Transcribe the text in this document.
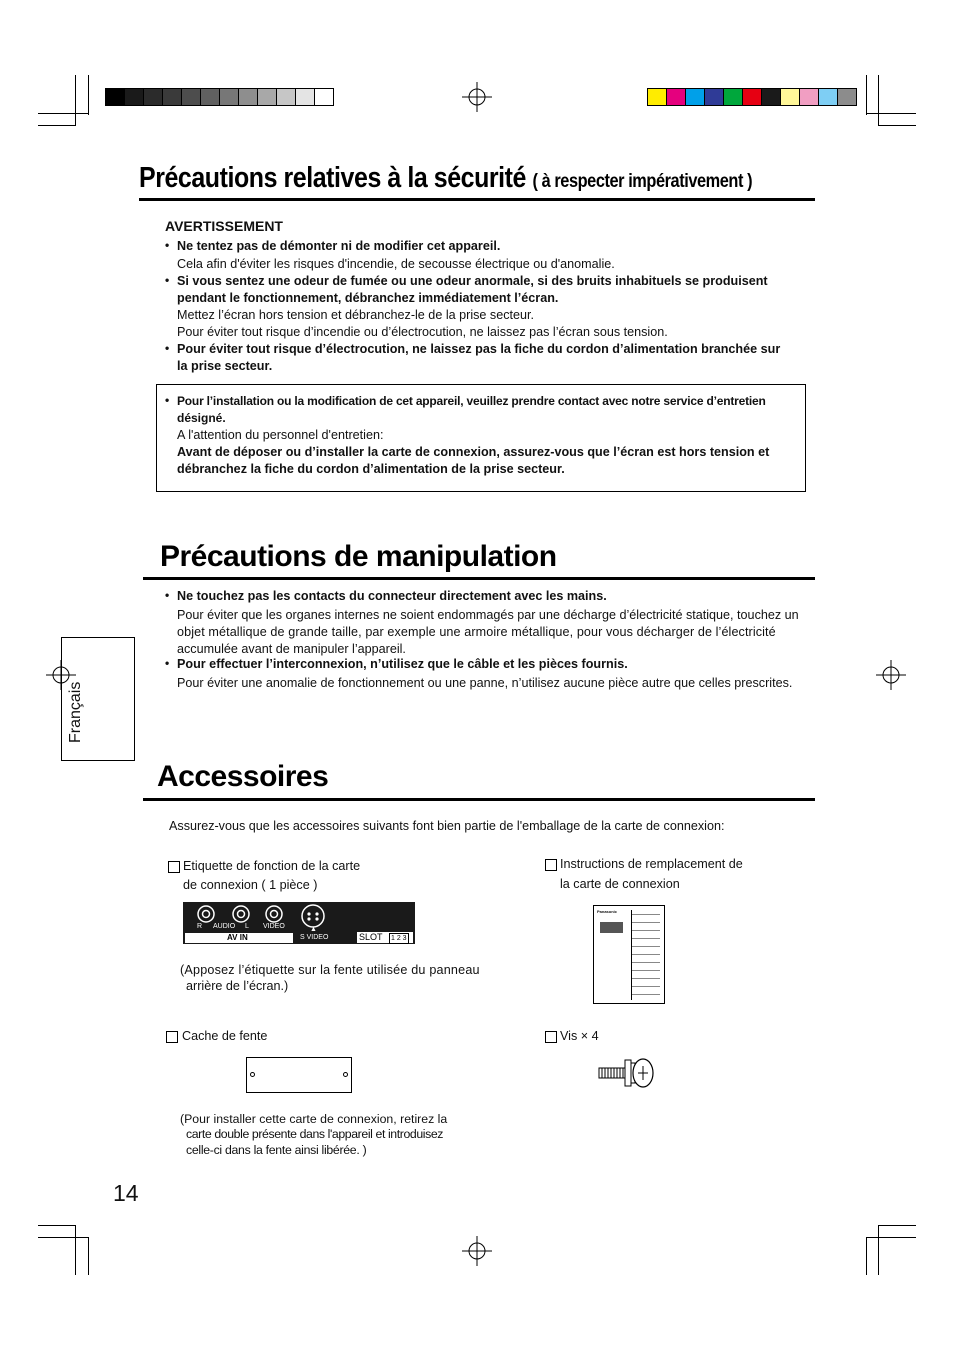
Précautions relatives à la sécurité ( à respecter impérativement )
AVERTISSEMENT
• Ne tentez pas de démonter ni de modifier cet appareil.
Cela afin d'éviter les risques d'incendie, de secousse électrique ou d'anomalie.
• Si vous sentez une odeur de fumée ou une odeur anormale, si des bruits inhabituels se produisent
pendant le fonctionnement, débranchez immédiatement l’écran.
Mettez l’écran hors tension et débranchez-le de la prise secteur.
Pour éviter tout risque d’incendie ou d’électrocution, ne laissez pas l’écran sous tension.
• Pour éviter tout risque d’électrocution, ne laissez pas la fiche du cordon d’alimentation branchée sur
la prise secteur.
• Pour l’installation ou la modification de cet appareil, veuillez prendre contact avec notre service d’entretien
désigné.
A l'attention du personnel d'entretien:
Avant de déposer ou d’installer la carte de connexion, assurez-vous que l’écran est hors tension et
débranchez la fiche du cordon d’alimentation de la prise secteur.
Précautions de manipulation
• Ne touchez pas les contacts du connecteur directement avec les mains.
Pour éviter que les organes internes ne soient endommagés par une décharge d’électricité statique, touchez un
objet métallique de grande taille, par exemple une armoire métallique, pour vous décharger de l’électricité
accumulée avant de manipuler l’appareil.
• Pour effectuer l’interconnexion, n’utilisez que le câble et les pièces fournis.
Pour éviter une anomalie de fonctionnement ou une panne, n’utilisez aucune pièce autre que celles prescrites.
Français
Accessoires
Assurez-vous que les accessoires suivants font bien partie de l'emballage de la carte de connexion:
Etiquette de fonction de la carte
de connexion ( 1 pièce )
▲
R AUDIO L VIDEO
AV IN	S VIDEO	SLOT 1 2 3
(Apposez l’étiquette sur la fente utilisée du panneau
arrière de l’écran.)
Instructions de remplacement de
la carte de connexion
Panasonic
Cache de fente
(Pour installer cette carte de connexion, retirez la
carte double présente dans l'appareil et introduisez
celle-ci dans la fente ainsi libérée. )
Vis × 4
14
